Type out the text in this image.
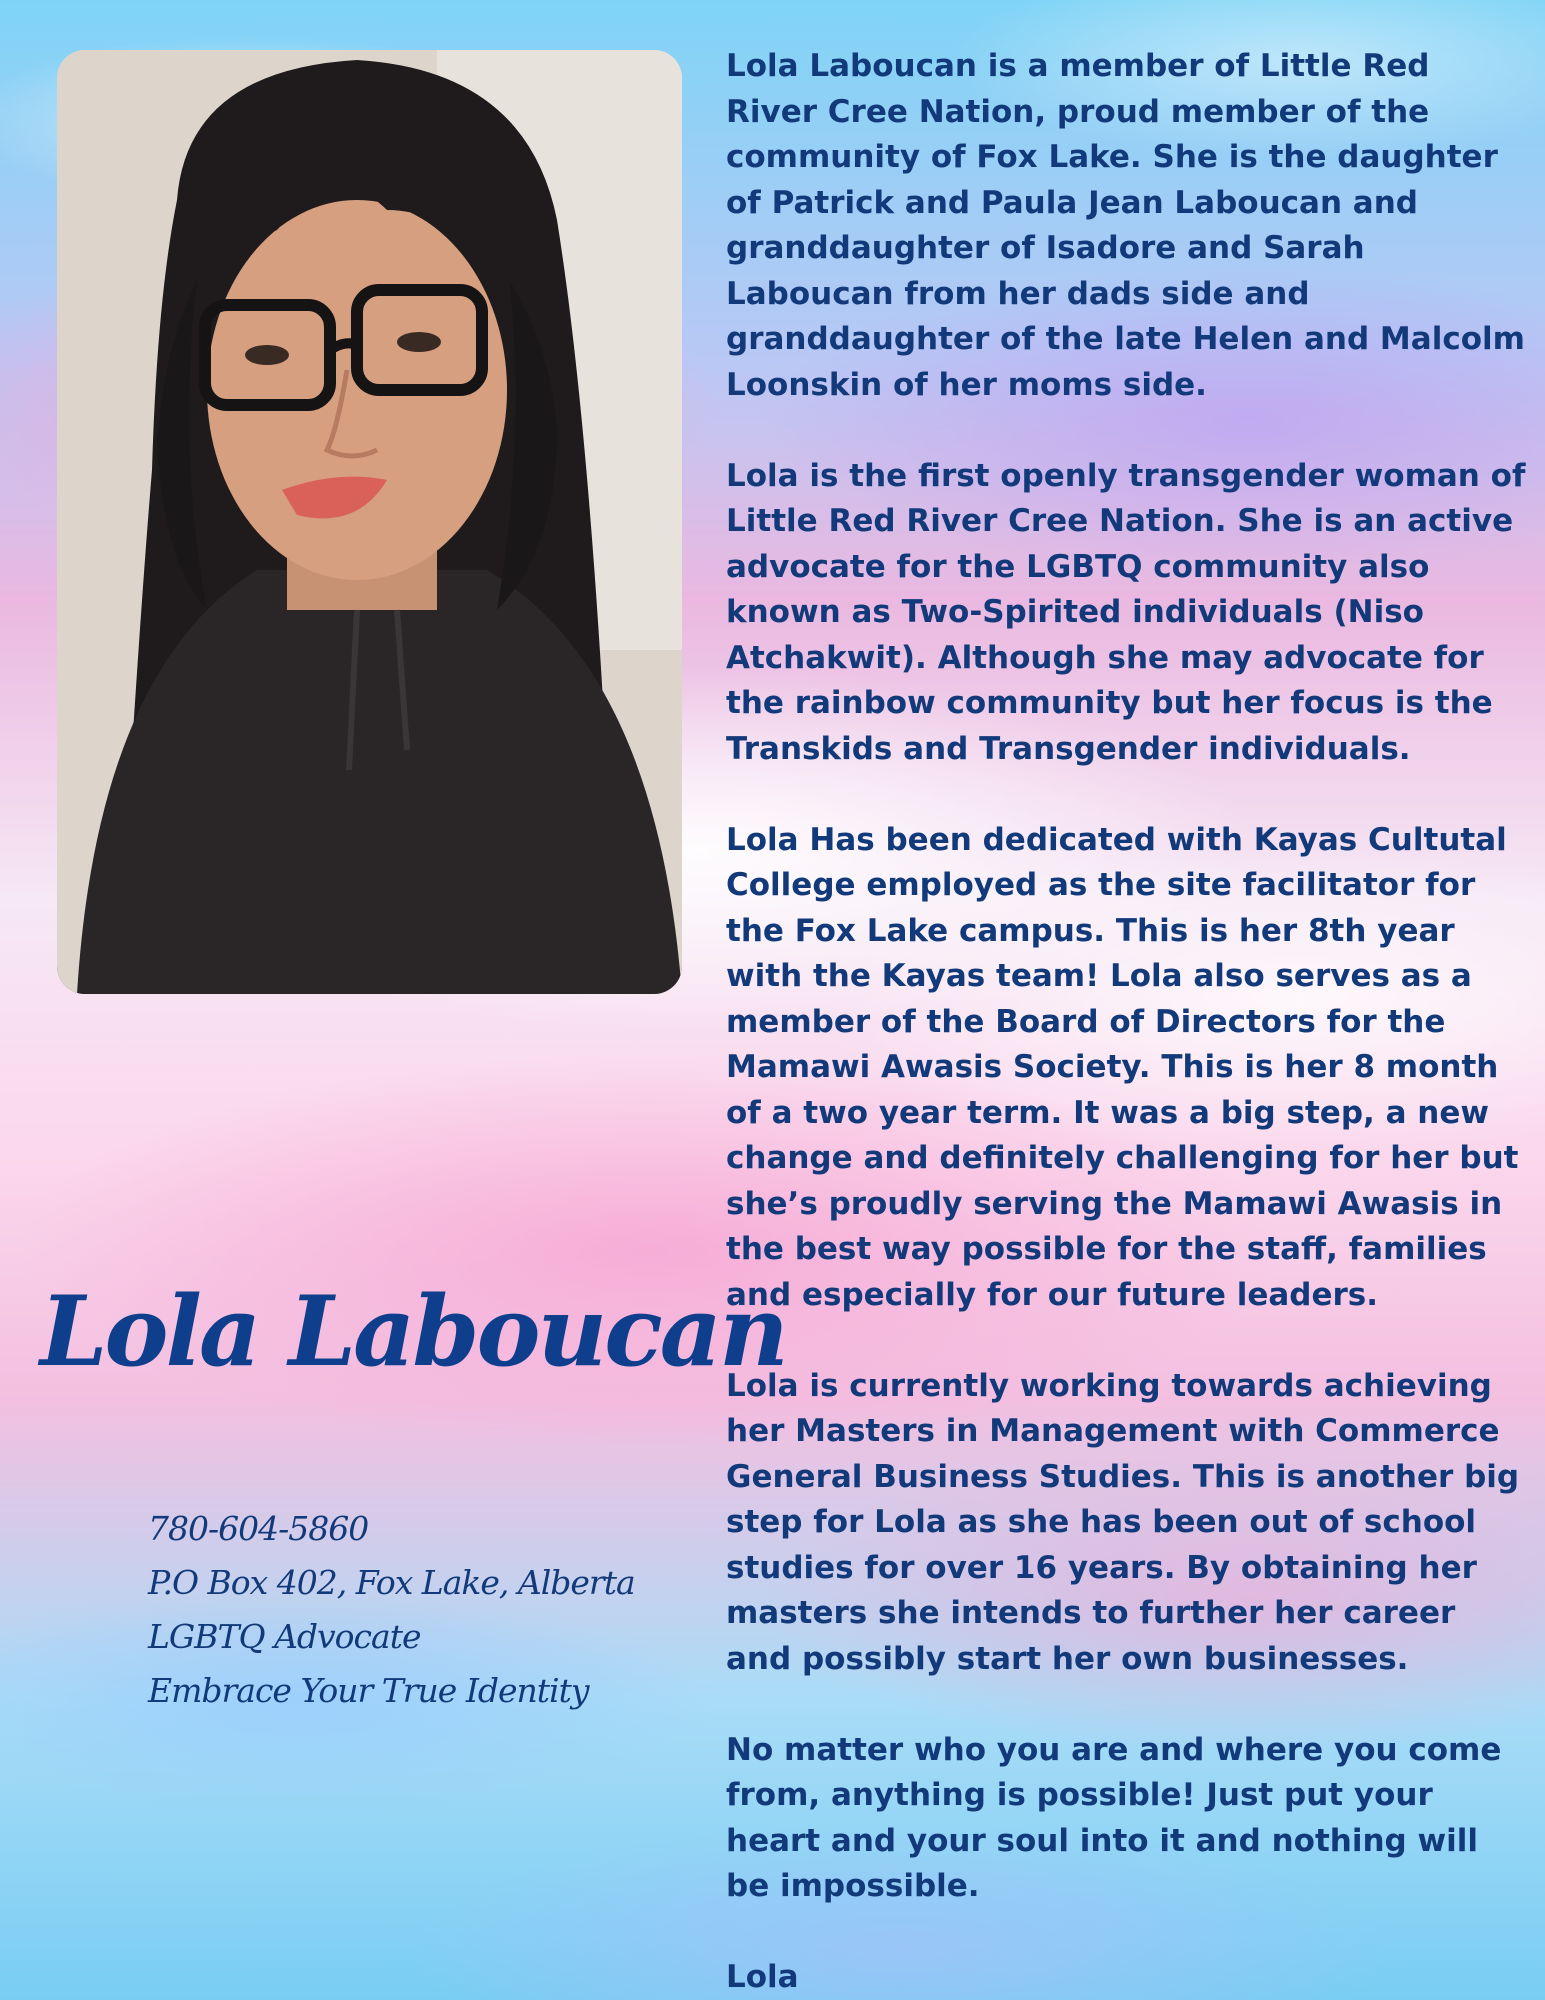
Lola Laboucan is a member of Little Red River Cree Nation, proud member of the community of Fox Lake. She is the daughter of Patrick and Paula Jean Laboucan and granddaughter of Isadore and Sarah Laboucan from her dads side and granddaughter of the late Helen and Malcolm Loonskin of her moms side.

Lola is the first openly transgender woman of Little Red River Cree Nation. She is an active advocate for the LGBTQ community also known as Two-Spirited individuals (Niso Atchakwit). Although she may advocate for the rainbow community but her focus is the Transkids and Transgender individuals.

Lola Has been dedicated with Kayas Cultutal College employed as the site facilitator for the Fox Lake campus. This is her 8th year with the Kayas team! Lola also serves as a member of the Board of Directors for the Mamawi Awasis Society. This is her 8 month of a two year term. It was a big step, a new change and definitely challenging for her but she’s proudly serving the Mamawi Awasis in the best way possible for the staff, families and especially for our future leaders.

Lola is currently working towards achieving her Masters in Management with Commerce General Business Studies. This is another big step for Lola as she has been out of school studies for over 16 years. By obtaining her masters she intends to further her career and possibly start her own businesses.

No matter who you are and where you come from, anything is possible! Just put your heart and your soul into it and nothing will be impossible.

Lola

Lola Laboucan
780-604-5860
P.O Box 402, Fox Lake, Alberta
LGBTQ Advocate
Embrace Your True Identity
